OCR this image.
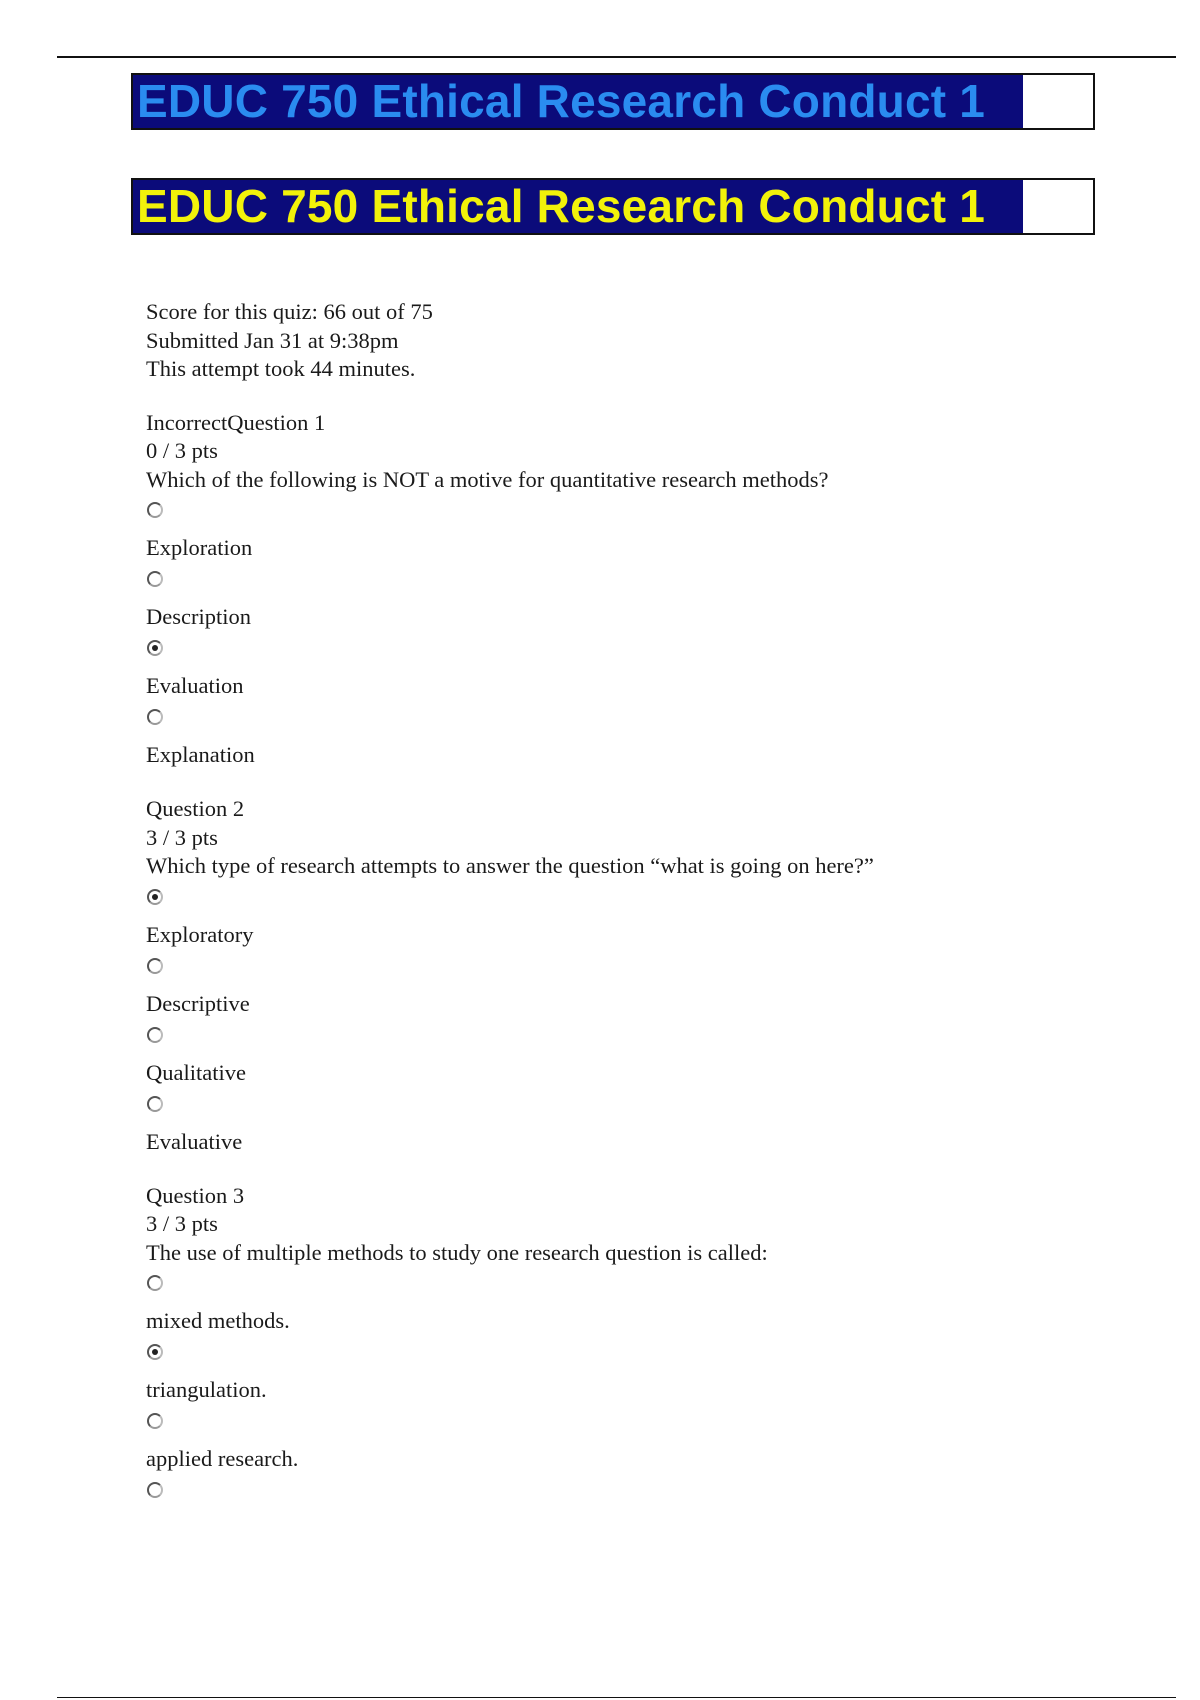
EDUC 750 Ethical Research Conduct 1
EDUC 750 Ethical Research Conduct 1
Score for this quiz: 66 out of 75
Submitted Jan 31 at 9:38pm
This attempt took 44 minutes.
IncorrectQuestion 1
0 / 3 pts
Which of the following is NOT a motive for quantitative research methods?
Exploration
Description
Evaluation
Explanation
Question 2
3 / 3 pts
Which type of research attempts to answer the question “what is going on here?”
Exploratory
Descriptive
Qualitative
Evaluative
Question 3
3 / 3 pts
The use of multiple methods to study one research question is called:
mixed methods.
triangulation.
applied research.
